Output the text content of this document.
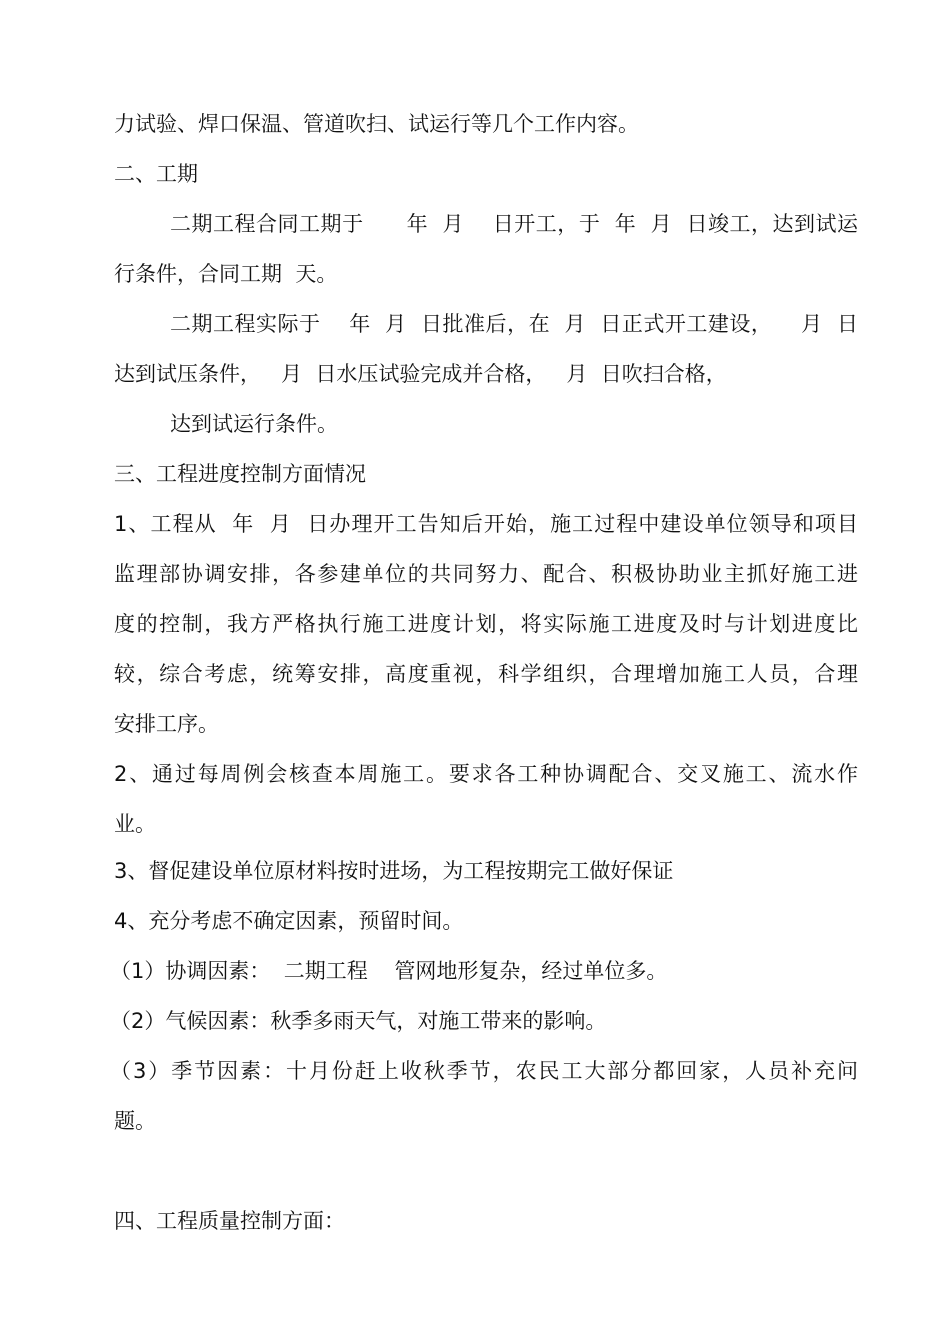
力试验、焊口保温、管道吹扫、试运行等几个工作内容。
二、工期
二期工程合同工期于      年  月    日开工，于  年  月  日竣工，达到试运
行条件，合同工期  天。
二期工程实际于    年  月  日批准后，在  月  日正式开工建设，    月  日
达到试压条件，   月  日水压试验完成并合格，   月  日吹扫合格，
达到试运行条件。
三、工程进度控制方面情况
1、工程从  年  月  日办理开工告知后开始，施工过程中建设单位领导和项目
监理部协调安排，各参建单位的共同努力、配合、积极协助业主抓好施工进
度的控制，我方严格执行施工进度计划，将实际施工进度及时与计划进度比
较，综合考虑，统筹安排，高度重视，科学组织，合理增加施工人员，合理
安排工序。
2、通过每周例会核查本周施工。要求各工种协调配合、交叉施工、流水作
业。
3、督促建设单位原材料按时进场，为工程按期完工做好保证
4、充分考虑不确定因素，预留时间。
（1）协调因素：  二期工程    管网地形复杂，经过单位多。
（2）气候因素：秋季多雨天气，对施工带来的影响。
（3）季节因素：十月份赶上收秋季节，农民工大部分都回家，人员补充问
题。
四、工程质量控制方面：
